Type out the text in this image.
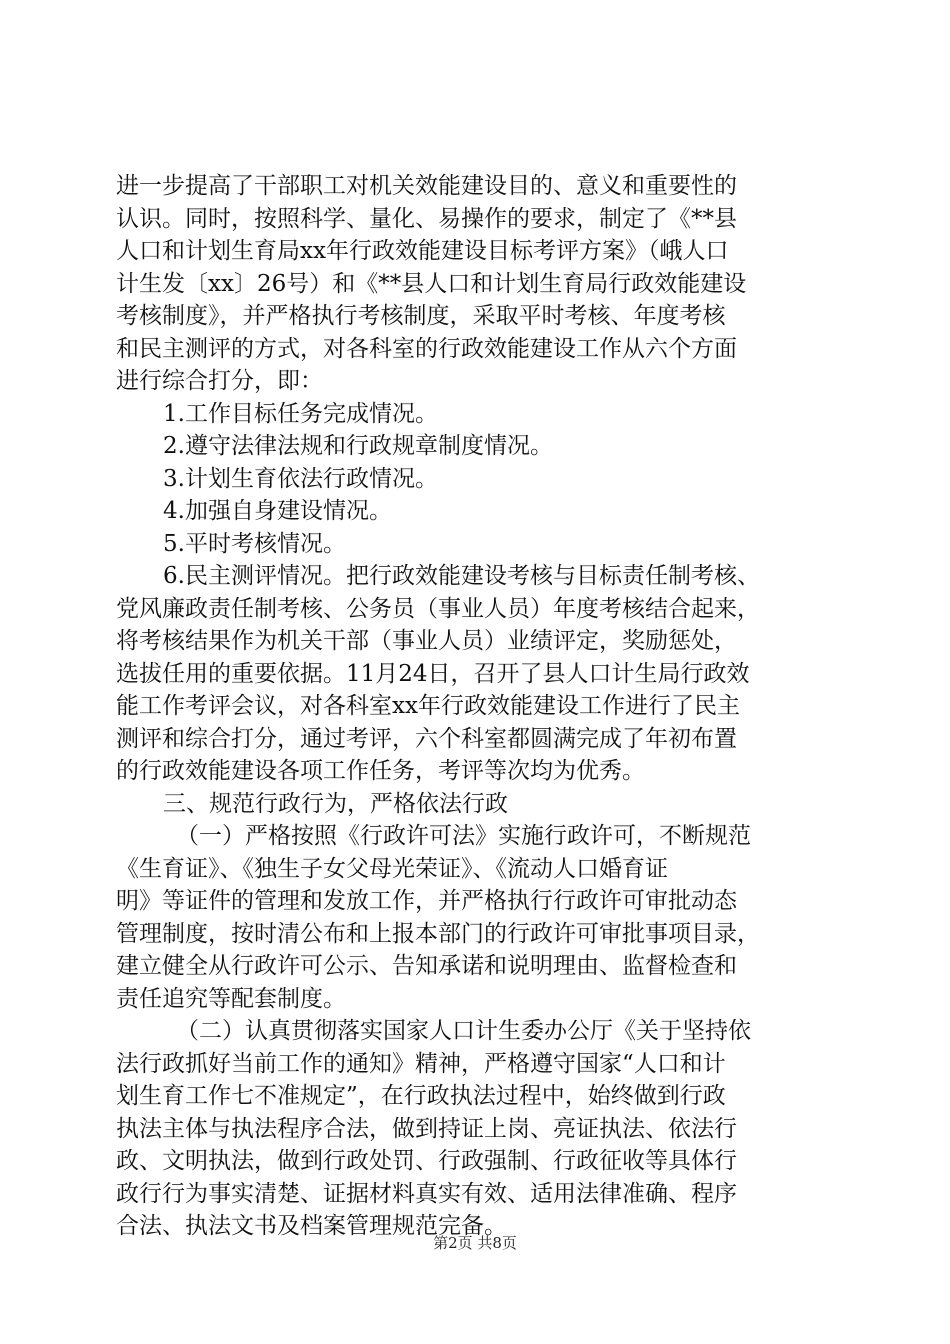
进一步提高了干部职工对机关效能建设目的、意义和重要性的
认识。同时，按照科学、量化、易操作的要求，制定了《**县
人口和计划生育局xx年行政效能建设目标考评方案》（峨人口
计生发〔xx〕26号）和《**县人口和计划生育局行政效能建设
考核制度》，并严格执行考核制度，采取平时考核、年度考核
和民主测评的方式，对各科室的行政效能建设工作从六个方面
进行综合打分，即：
1.工作目标任务完成情况。
2.遵守法律法规和行政规章制度情况。
3.计划生育依法行政情况。
4.加强自身建设情况。
5.平时考核情况。
6.民主测评情况。把行政效能建设考核与目标责任制考核、
党风廉政责任制考核、公务员（事业人员）年度考核结合起来，
将考核结果作为机关干部（事业人员）业绩评定，奖励惩处，
选拔任用的重要依据。11月24日，召开了县人口计生局行政效
能工作考评会议，对各科室xx年行政效能建设工作进行了民主
测评和综合打分，通过考评，六个科室都圆满完成了年初布置
的行政效能建设各项工作任务，考评等次均为优秀。
三、规范行政行为，严格依法行政
（一）严格按照《行政许可法》实施行政许可，不断规范
《生育证》、《独生子女父母光荣证》、《流动人口婚育证
明》等证件的管理和发放工作，并严格执行行政许可审批动态
管理制度，按时清公布和上报本部门的行政许可审批事项目录，
建立健全从行政许可公示、告知承诺和说明理由、监督检查和
责任追究等配套制度。
（二）认真贯彻落实国家人口计生委办公厅《关于坚持依
法行政抓好当前工作的通知》精神，严格遵守国家“人口和计
划生育工作七不准规定”，在行政执法过程中，始终做到行政
执法主体与执法程序合法，做到持证上岗、亮证执法、依法行
政、文明执法，做到行政处罚、行政强制、行政征收等具体行
政行行为事实清楚、证据材料真实有效、适用法律准确、程序
合法、执法文书及档案管理规范完备。
第2页 共8页
